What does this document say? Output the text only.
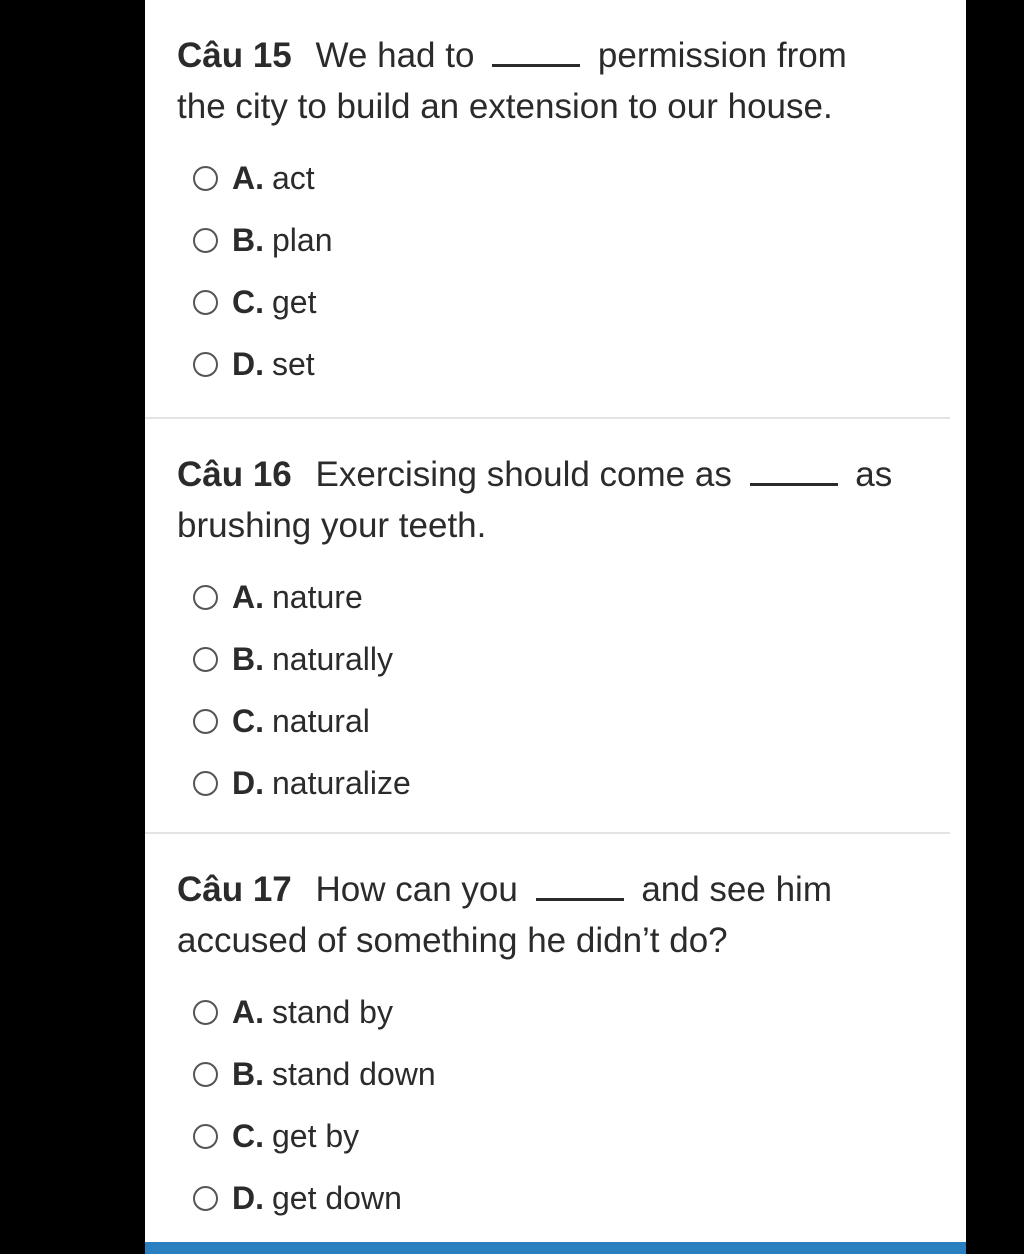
Câu 15 We had to	permission from the city to build an extension to our house.
A. act
B. plan
C. get
D. set
Câu 16 Exercising should come as	as brushing your teeth.
A. nature
B. naturally
C. natural
D. naturalize
Câu 17 How can you	and see him accused of something he didn’t do?
A. stand by
B. stand down
C. get by
D. get down
